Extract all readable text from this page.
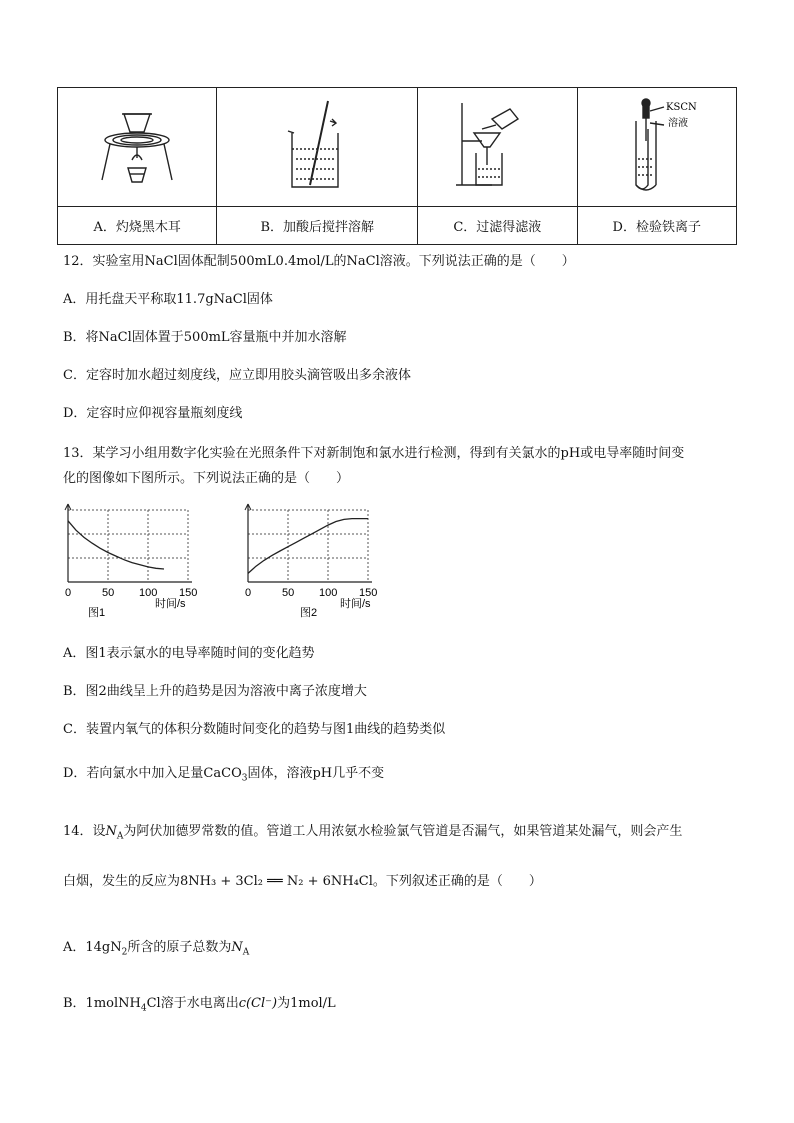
KSCN
溶液

A．灼烧黑木耳	B．加酸后搅拌溶解	C．过滤得滤液	D．检验铁离子
12．实验室用NaCl固体配制500mL0.4mol/L的NaCl溶液。下列说法正确的是（　　）
A．用托盘天平称取11.7gNaCl固体
B．将NaCl固体置于500mL容量瓶中并加水溶解
C．定容时加水超过刻度线，应立即用胶头滴管吸出多余液体
D．定容时应仰视容量瓶刻度线
13．某学习小组用数字化实验在光照条件下对新制饱和氯水进行检测，得到有关氯水的pH或电导率随时间变
化的图像如下图所示。下列说法正确的是（　　）
0	50 100 150
时间/s
图1
0	50 100 150
时间/s
图2
A．图1表示氯水的电导率随时间的变化趋势
B．图2曲线呈上升的趋势是因为溶液中离子浓度增大
C．装置内氧气的体积分数随时间变化的趋势与图1曲线的趋势类似
D．若向氯水中加入足量CaCO$_3$固体，溶液pH几乎不变
14．设$N_A$为阿伏加德罗常数的值。管道工人用浓氨水检验氯气管道是否漏气，如果管道某处漏气，则会产生
白烟，发生的反应为8NH₃ + 3Cl₂ ══ N₂ + 6NH₄Cl。下列叙述正确的是（　　）
A．$14gN_2$所含的原子总数为$N_A$
B．1molNH$_4$Cl溶于水电离出c(Cl⁻)为1mol/L
